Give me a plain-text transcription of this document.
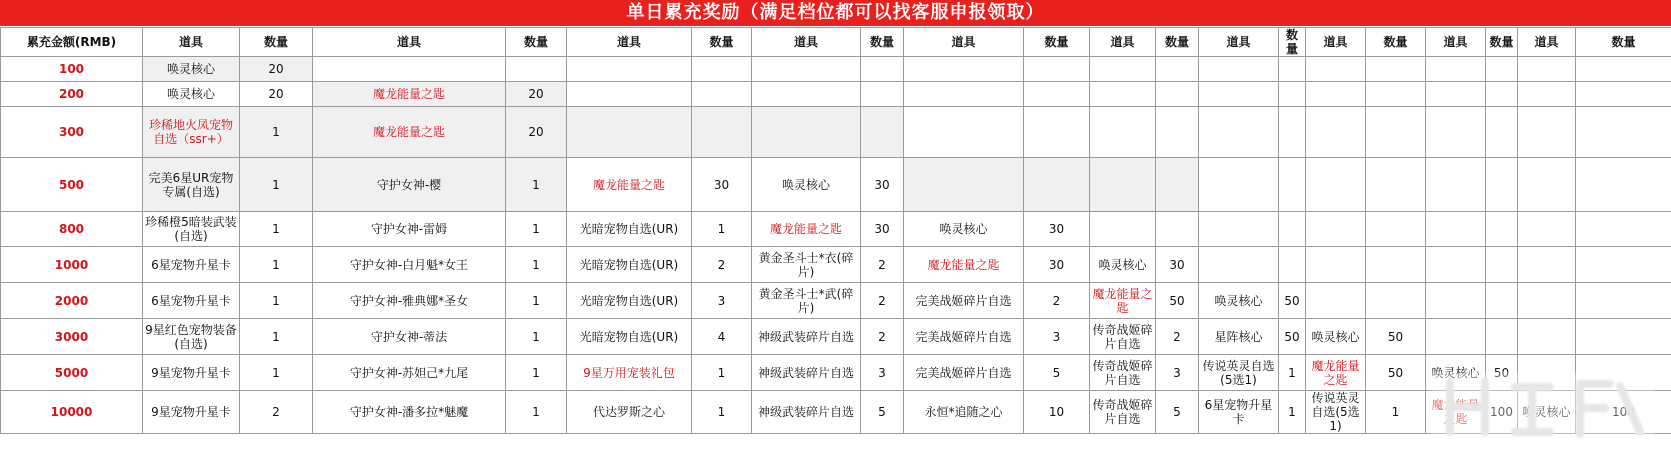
单日累充奖励（满足档位都可以找客服申报领取）
累充金额(RMB)	道具	数量	道具	数量	道具	数量	道具	数量	道具	数量	道具	数量	道具	数量	道具	数量	道具	数量	道具	数量
100	唤灵核心	20																		
200	唤灵核心	20	魔龙能量之匙	20																
300	珍稀地火凤宠物自选（ssr+）	1	魔龙能量之匙	20																
500	完美6星UR宠物专属(自选)	1	守护女神-樱	1	魔龙能量之匙	30	唤灵核心	30												
800	珍稀橙5暗装武装(自选)	1	守护女神-雷姆	1	光暗宠物自选(UR)	1	魔龙能量之匙	30	唤灵核心	30										
1000	6星宠物升星卡	1	守护女神-白月魁*女王	1	光暗宠物自选(UR)	2	黄金圣斗士*衣(碎片)	2	魔龙能量之匙	30	唤灵核心	30								
2000	6星宠物升星卡	1	守护女神-雅典娜*圣女	1	光暗宠物自选(UR)	3	黄金圣斗士*武(碎片)	2	完美战姬碎片自选	2	魔龙能量之匙	50	唤灵核心	50						
3000	9星红色宠物装备(自选)	1	守护女神-蒂法	1	光暗宠物自选(UR)	4	神级武装碎片自选	2	完美战姬碎片自选	3	传奇战姬碎片自选	2	星阵核心	50	唤灵核心	50				
5000	9星宠物升星卡	1	守护女神-苏妲己*九尾	1	9星万用宠装礼包	1	神级武装碎片自选	3	完美战姬碎片自选	5	传奇战姬碎片自选	3	传说英灵自选(5选1)	1	魔龙能量之匙	50	唤灵核心	50		
10000	9星宠物升星卡	2	守护女神-潘多拉*魅魔	1	代达罗斯之心	1	神级武装碎片自选	5	永恒*追随之心	10	传奇战姬碎片自选	5	6星宠物升星卡	1	传说英灵自选(5选1)	1	魔龙能量之匙	100	唤灵核心	100
